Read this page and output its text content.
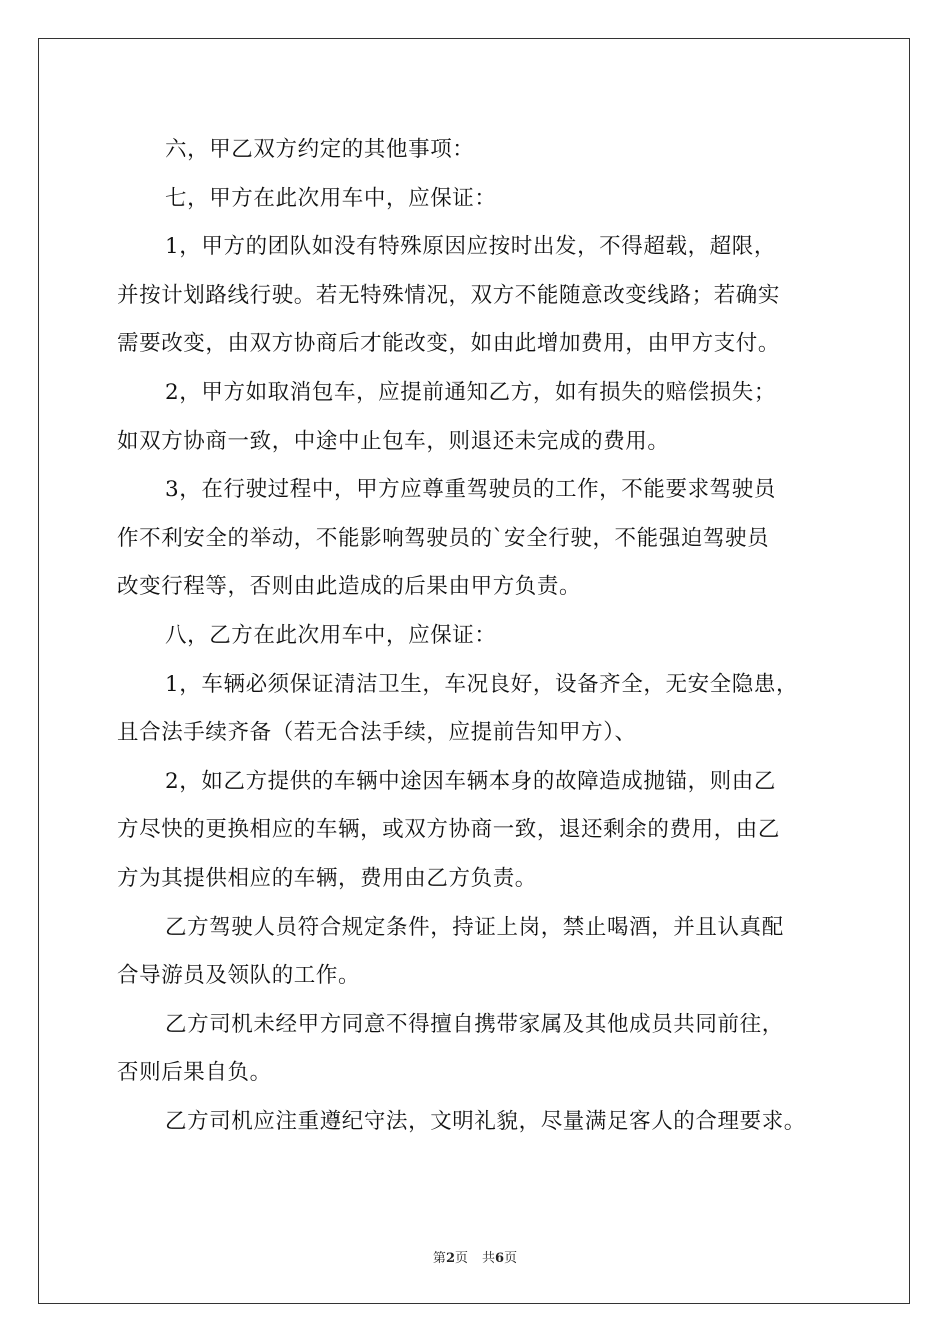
六，甲乙双方约定的其他事项：
七，甲方在此次用车中，应保证：
1，甲方的团队如没有特殊原因应按时出发，不得超载，超限，
并按计划路线行驶。若无特殊情况，双方不能随意改变线路；若确实
需要改变，由双方协商后才能改变，如由此增加费用，由甲方支付。
2，甲方如取消包车，应提前通知乙方，如有损失的赔偿损失；
如双方协商一致，中途中止包车，则退还未完成的费用。
3，在行驶过程中，甲方应尊重驾驶员的工作，不能要求驾驶员
作不利安全的举动，不能影响驾驶员的`安全行驶，不能强迫驾驶员
改变行程等，否则由此造成的后果由甲方负责。
八，乙方在此次用车中，应保证：
1，车辆必须保证清洁卫生，车况良好，设备齐全，无安全隐患，
且合法手续齐备（若无合法手续，应提前告知甲方）、
2，如乙方提供的车辆中途因车辆本身的故障造成抛锚，则由乙
方尽快的更换相应的车辆，或双方协商一致，退还剩余的费用，由乙
方为其提供相应的车辆，费用由乙方负责。
乙方驾驶人员符合规定条件，持证上岗，禁止喝酒，并且认真配
合导游员及领队的工作。
乙方司机未经甲方同意不得擅自携带家属及其他成员共同前往，
否则后果自负。
乙方司机应注重遵纪守法，文明礼貌，尽量满足客人的合理要求。
第2页 共6页
